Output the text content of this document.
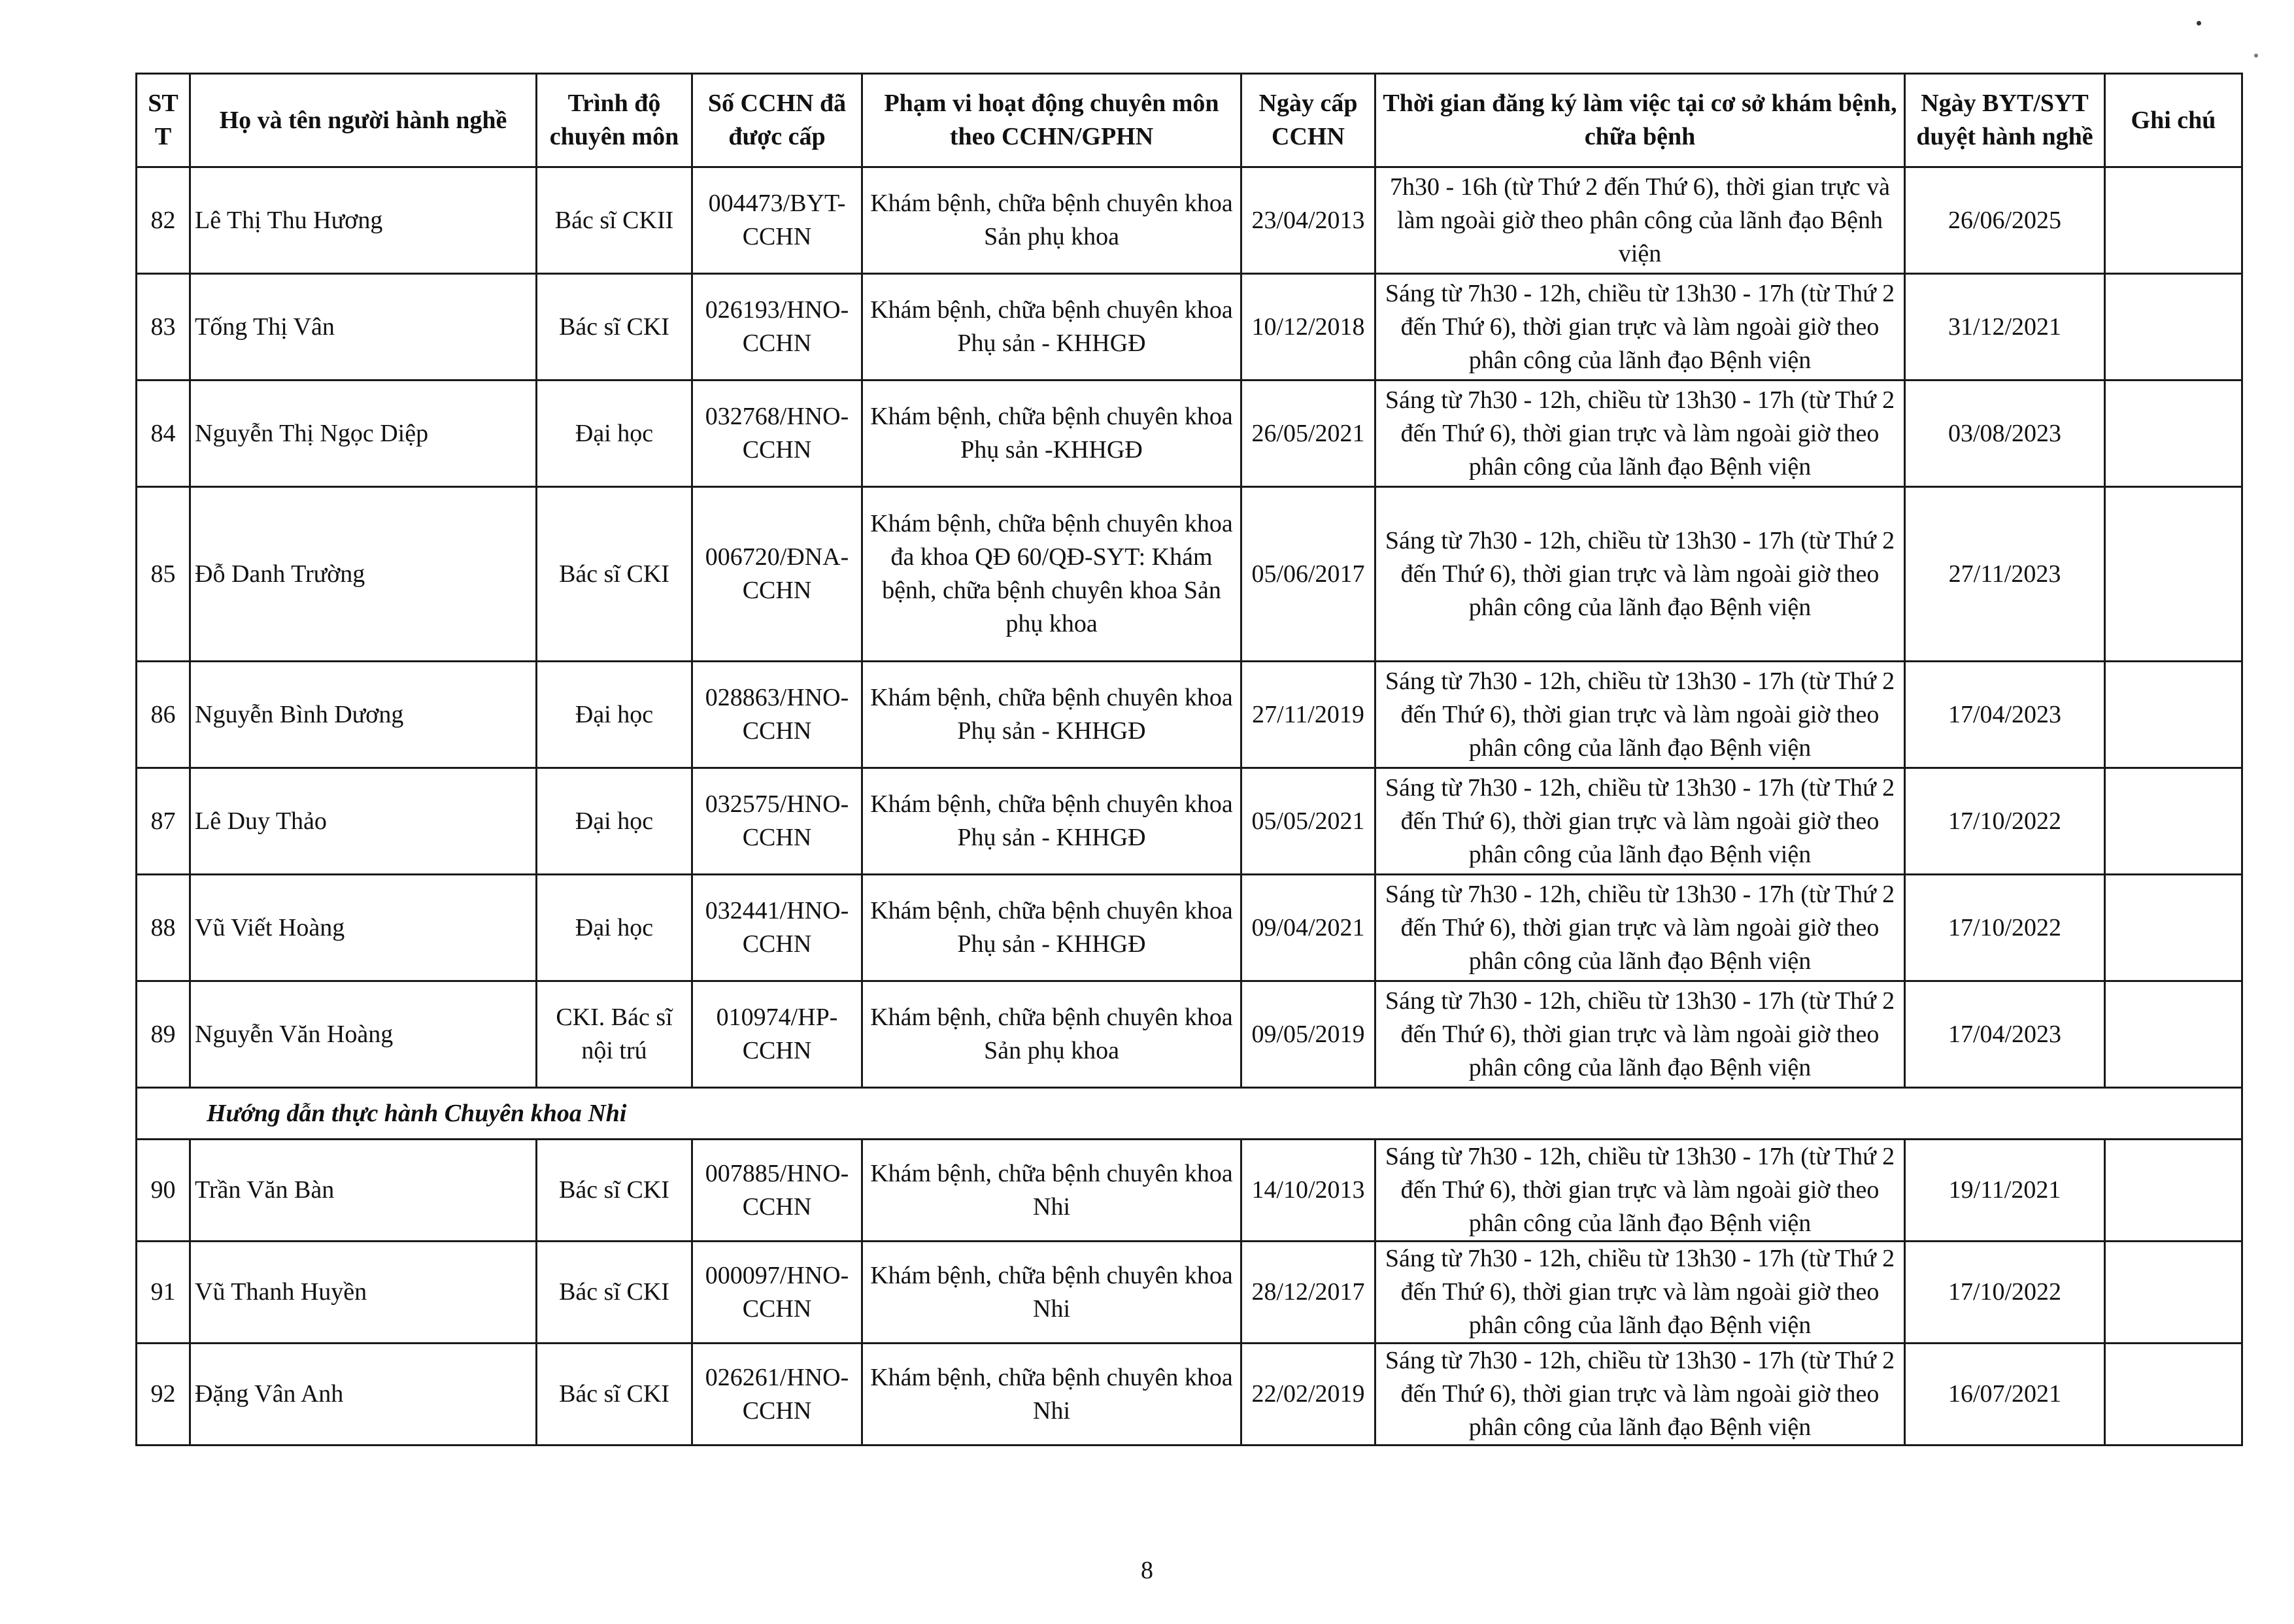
STT	Họ và tên người hành nghề	Trình độ chuyên môn	Số CCHN đã được cấp	Phạm vi hoạt động chuyên môn theo CCHN/GPHN	Ngày cấp CCHN	Thời gian đăng ký làm việc tại cơ sở khám bệnh, chữa bệnh	Ngày BYT/SYT duyệt hành nghề	Ghi chú
82	Lê Thị Thu Hương	Bác sĩ CKII	004473/BYT-CCHN	Khám bệnh, chữa bệnh chuyên khoa Sản phụ khoa	23/04/2013	7h30 - 16h (từ Thứ 2 đến Thứ 6), thời gian trực và làm ngoài giờ theo phân công của lãnh đạo Bệnh viện	26/06/2025	
83	Tống Thị Vân	Bác sĩ CKI	026193/HNO-CCHN	Khám bệnh, chữa bệnh chuyên khoa Phụ sản - KHHGĐ	10/12/2018	Sáng từ 7h30 - 12h, chiều từ 13h30 - 17h (từ Thứ 2 đến Thứ 6), thời gian trực và làm ngoài giờ theo phân công của lãnh đạo Bệnh viện	31/12/2021	
84	Nguyễn Thị Ngọc Diệp	Đại học	032768/HNO-CCHN	Khám bệnh, chữa bệnh chuyên khoa Phụ sản -KHHGĐ	26/05/2021	Sáng từ 7h30 - 12h, chiều từ 13h30 - 17h (từ Thứ 2 đến Thứ 6), thời gian trực và làm ngoài giờ theo phân công của lãnh đạo Bệnh viện	03/08/2023	
85	Đỗ Danh Trường	Bác sĩ CKI	006720/ĐNA-CCHN	Khám bệnh, chữa bệnh chuyên khoa đa khoa QĐ 60/QĐ-SYT: Khám bệnh, chữa bệnh chuyên khoa Sản phụ khoa	05/06/2017	Sáng từ 7h30 - 12h, chiều từ 13h30 - 17h (từ Thứ 2 đến Thứ 6), thời gian trực và làm ngoài giờ theo phân công của lãnh đạo Bệnh viện	27/11/2023	
86	Nguyễn Bình Dương	Đại học	028863/HNO-CCHN	Khám bệnh, chữa bệnh chuyên khoa Phụ sản - KHHGĐ	27/11/2019	Sáng từ 7h30 - 12h, chiều từ 13h30 - 17h (từ Thứ 2 đến Thứ 6), thời gian trực và làm ngoài giờ theo phân công của lãnh đạo Bệnh viện	17/04/2023	
87	Lê Duy Thảo	Đại học	032575/HNO-CCHN	Khám bệnh, chữa bệnh chuyên khoa Phụ sản - KHHGĐ	05/05/2021	Sáng từ 7h30 - 12h, chiều từ 13h30 - 17h (từ Thứ 2 đến Thứ 6), thời gian trực và làm ngoài giờ theo phân công của lãnh đạo Bệnh viện	17/10/2022	
88	Vũ Viết Hoàng	Đại học	032441/HNO-CCHN	Khám bệnh, chữa bệnh chuyên khoa Phụ sản - KHHGĐ	09/04/2021	Sáng từ 7h30 - 12h, chiều từ 13h30 - 17h (từ Thứ 2 đến Thứ 6), thời gian trực và làm ngoài giờ theo phân công của lãnh đạo Bệnh viện	17/10/2022	
89	Nguyễn Văn Hoàng	CKI. Bác sĩ nội trú	010974/HP-CCHN	Khám bệnh, chữa bệnh chuyên khoa Sản phụ khoa	09/05/2019	Sáng từ 7h30 - 12h, chiều từ 13h30 - 17h (từ Thứ 2 đến Thứ 6), thời gian trực và làm ngoài giờ theo phân công của lãnh đạo Bệnh viện	17/04/2023	
Hướng dẫn thực hành Chuyên khoa Nhi								
90	Trần Văn Bàn	Bác sĩ CKI	007885/HNO-CCHN	Khám bệnh, chữa bệnh chuyên khoa Nhi	14/10/2013	Sáng từ 7h30 - 12h, chiều từ 13h30 - 17h (từ Thứ 2 đến Thứ 6), thời gian trực và làm ngoài giờ theo phân công của lãnh đạo Bệnh viện	19/11/2021	
91	Vũ Thanh Huyền	Bác sĩ CKI	000097/HNO-CCHN	Khám bệnh, chữa bệnh chuyên khoa Nhi	28/12/2017	Sáng từ 7h30 - 12h, chiều từ 13h30 - 17h (từ Thứ 2 đến Thứ 6), thời gian trực và làm ngoài giờ theo phân công của lãnh đạo Bệnh viện	17/10/2022	
92	Đặng Vân Anh	Bác sĩ CKI	026261/HNO-CCHN	Khám bệnh, chữa bệnh chuyên khoa Nhi	22/02/2019	Sáng từ 7h30 - 12h, chiều từ 13h30 - 17h (từ Thứ 2 đến Thứ 6), thời gian trực và làm ngoài giờ theo phân công của lãnh đạo Bệnh viện	16/07/2021	
8
